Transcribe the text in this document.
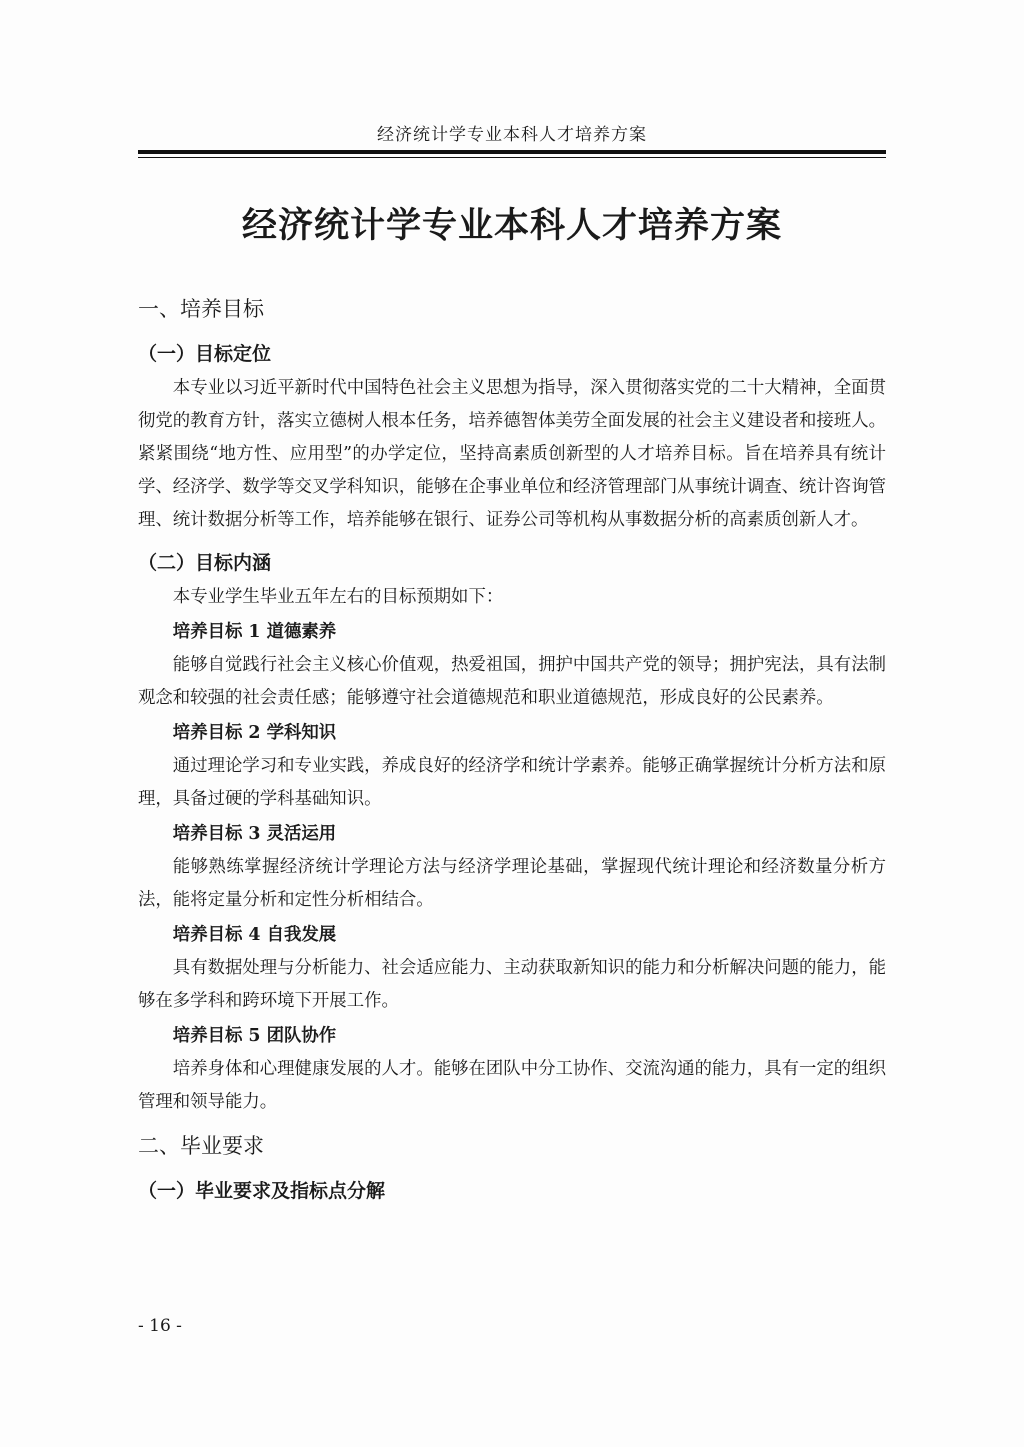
经济统计学专业本科人才培养方案
经济统计学专业本科人才培养方案
一、培养目标
（一）目标定位

本专业以习近平新时代中国特色社会主义思想为指导，深入贯彻落实党的二十大精神，全面贯彻党的教育方针，落实立德树人根本任务，培养德智体美劳全面发展的社会主义建设者和接班人。紧紧围绕“地方性、应用型”的办学定位，坚持高素质创新型的人才培养目标。旨在培养具有统计学、经济学、数学等交叉学科知识，能够在企事业单位和经济管理部门从事统计调查、统计咨询管理、统计数据分析等工作，培养能够在银行、证券公司等机构从事数据分析的高素质创新人才。

（二）目标内涵

本专业学生毕业五年左右的目标预期如下：

培养目标 1 道德素养

能够自觉践行社会主义核心价值观，热爱祖国，拥护中国共产党的领导；拥护宪法，具有法制观念和较强的社会责任感；能够遵守社会道德规范和职业道德规范，形成良好的公民素养。

培养目标 2 学科知识

通过理论学习和专业实践，养成良好的经济学和统计学素养。能够正确掌握统计分析方法和原理，具备过硬的学科基础知识。

培养目标 3 灵活运用

能够熟练掌握经济统计学理论方法与经济学理论基础，掌握现代统计理论和经济数量分析方法，能将定量分析和定性分析相结合。

培养目标 4 自我发展

具有数据处理与分析能力、社会适应能力、主动获取新知识的能力和分析解决问题的能力，能够在多学科和跨环境下开展工作。

培养目标 5 团队协作

培养身体和心理健康发展的人才。能够在团队中分工协作、交流沟通的能力，具有一定的组织管理和领导能力。

二、毕业要求
（一）毕业要求及指标点分解
- 16 -
